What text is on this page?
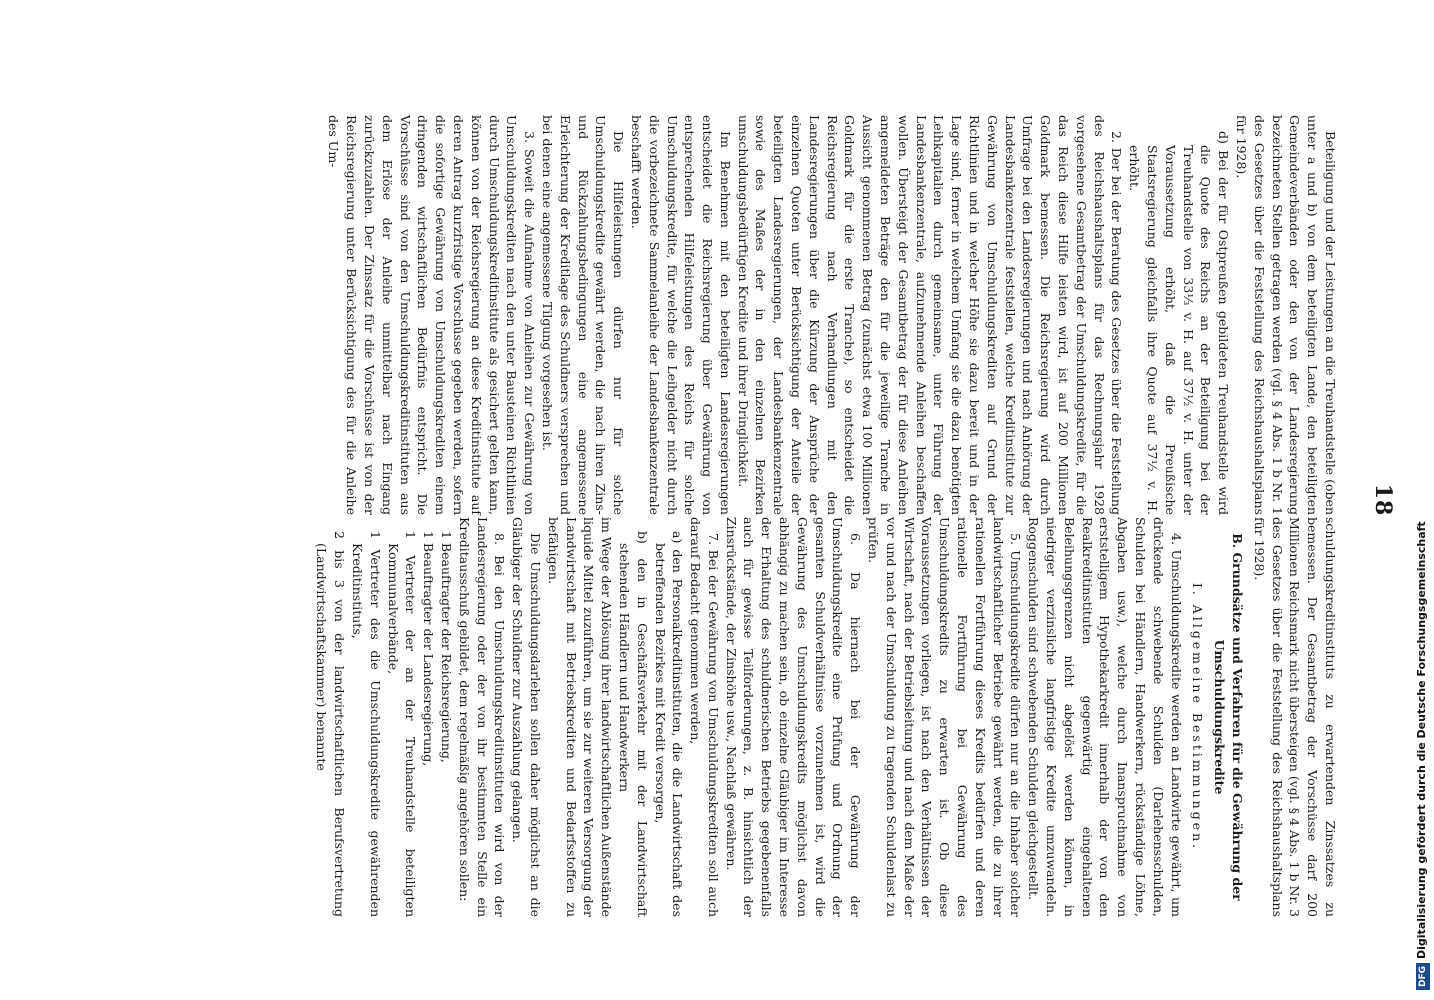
18

Beteiligung und der Leistungen an die Treuhandstelle (oben unter a und b) von dem beteiligten Lande, den beteiligten Gemeindeverbänden oder den von der Landesregierung bezeichneten Stellen getragen werden (vgl. § 4 Abs. 1 b Nr. 1 des Gesetzes über die Feststellung des Reichshaushaltsplans für 1928).

d) Bei der für Ostpreußen gebildeten Treuhandstelle wird die Quote des Reichs an der Beteiligung bei der Treuhandstelle von 33⅓ v. H. auf 37½ v. H. unter der Voraussetzung erhöht, daß die Preußische Staatsregierung gleichfalls ihre Quote auf 37½ v. H. erhöht.

2. Der bei der Beratung des Gesetzes über die Feststellung des Reichshaushaltsplans für das Rechnungsjahr 1928 vorgesehene Gesamtbetrag der Umschuldungskredite, für die das Reich diese Hilfe leisten wird, ist auf 200 Millionen Goldmark bemessen. Die Reichsregierung wird durch Umfrage bei den Landesregierungen und nach Anhörung der Landesbankenzentrale feststellen, welche Kreditinstitute zur Gewährung von Umschuldungskrediten auf Grund der Richtlinien und in welcher Höhe sie dazu bereit und in der Lage sind, ferner in welchem Umfang sie die dazu benötigten Leihkapitalien durch gemeinsame, unter Führung der Landesbankenzentrale, aufzunehmende Anleihen beschaffen wollen. Übersteigt der Gesamtbetrag der für diese Anleihen angemeldeten Beträge den für die jeweilige Tranche in Aussicht genommenen Betrag (zunächst etwa 100 Millionen Goldmark für die erste Tranche), so entscheidet die Reichsregierung nach Verhandlungen mit den Landesregierungen über die Kürzung der Ansprüche der einzelnen Quoten unter Berücksichtigung der Anteile der beteiligten Landesregierungen, der Landesbankenzentrale sowie des Maßes der in den einzelnen Bezirken umschuldungsbedürftigen Kredite und ihrer Dringlichkeit.

Im Benehmen mit den beteiligten Landesregierungen entscheidet die Reichsregierung über Gewährung von entsprechenden Hilfeleistungen des Reichs für solche Umschuldungskredite, für welche die Leihgelder nicht durch die vorbezeichnete Sammelanleihe der Landesbankenzentrale beschafft werden.

Die Hilfeleistungen dürfen nur für solche Umschuldungskredite gewährt werden, die nach ihren Zins- und Rückzahlungsbedingungen eine angemessene Erleichterung der Kreditlage des Schuldners versprechen und bei denen eine angemessene Tilgung vorgesehen ist.

3. Soweit die Aufnahme von Anleihen zur Gewährung von Umschuldungskrediten nach den unter Bausteinen Richtlinien durch Umschuldungskreditinstitute als gesichert gelten kann, können von der Reichsregierung an diese Kreditinstitute auf deren Antrag kurzfristige Vorschüsse gegeben werden, sofern die sofortige Gewährung von Umschuldungskrediten einem dringenden wirtschaftlichen Bedürfnis entspricht. Die Vorschüsse sind von den Umschuldungskreditinstituten aus dem Erlöse der Anleihe unmittelbar nach Eingang zurückzuzahlen. Der Zinssatz für die Vorschüsse ist von der Reichsregierung unter Berücksichtigung des für die Anleihe des Um-

schuldungskreditinstituts zu erwartenden Zinssatzes zu bemessen. Der Gesamtbetrag der Vorschüsse darf 200 Millionen Reichsmark nicht übersteigen (vgl. § 4 Abs. 1 b Nr. 3 des Gesetzes über die Feststellung des Reichshaushaltsplans für 1928).

B. Grundsätze und Verfahren für die Gewährung der Umschuldungskredite

I. Allgemeine Bestimmungen.

4. Umschuldungskredite werden an Landwirte gewährt, um drückende schwebende Schulden (Darlehensschulden, Schulden bei Händlern, Handwerkern, rückständige Löhne, Abgaben usw.), welche durch Inanspruchnahme von erststelligem Hypothekarkredit innerhalb der von den Realkreditinstituten gegenwärtig eingehaltenen Beleihungsgrenzen nicht abgelöst werden können, in niedriger verzinsliche langfristige Kredite umzuwandeln. Roggenschulden sind schwebenden Schulden gleichgestellt.

5. Umschuldungskredite dürfen nur an die Inhaber solcher landwirtschaftlicher Betriebe gewährt werden, die zu ihrer rationellen Fortführung dieses Kredits bedürfen und deren rationelle Fortführung bei Gewährung des Umschuldungskredits zu erwarten ist. Ob diese Voraussetzungen vorliegen, ist nach den Verhältnissen der Wirtschaft, nach der Betriebsleitung und nach dem Maße der vor und nach der Umschuldung zu tragenden Schuldenlast zu prüfen.

6. Da hiernach bei der Gewährung der Umschuldungskredite eine Prüfung und Ordnung der gesamten Schuldverhältnisse vorzunehmen ist, wird die Gewährung des Umschuldungskredits möglichst davon abhängig zu machen sein, ob einzelne Gläubiger im Interesse der Erhaltung des schuldnerischen Betriebs gegebenenfalls auch für gewisse Teilforderungen, z. B. hinsichtlich der Zinsrückstände, der Zinshöhe usw., Nachlaß gewähren.

7. Bei der Gewährung von Umschuldungskrediten soll auch darauf Bedacht genommen werden,

a) den Personalkreditinstituten, die die Landwirtschaft des betreffenden Bezirkes mit Kredit versorgen,

b) den in Geschäftsverkehr mit der Landwirtschaft stehenden Händlern und Handwerkern

im Wege der Ablösung ihrer landwirtschaftlichen Außenstände liquide Mittel zuzuführen, um sie zur weiteren Versorgung der Landwirtschaft mit Betriebskrediten und Bedarfsstoffen zu befähigen.

Die Umschuldungsdarlehen sollen daher möglichst an die Gläubiger der Schuldner zur Auszahlung gelangen.

8. Bei den Umschuldungskreditinstituten wird von der Landesregierung oder der von ihr bestimmten Stelle ein Kreditausschuß gebildet, dem regelmäßig angehören sollen:

1 Beauftragter der Reichsregierung,

1 Beauftragter der Landesregierung,

1 Vertreter der an der Treuhandstelle beteiligten Kommunalverbände,

1 Vertreter des die Umschuldungskredite gewährenden Kreditinstituts,

2 bis 3 von der landwirtschaftlichen Berufsvertretung (Landwirtschaftskammer) benannte

DFGDigitalisierung gefördert durch die Deutsche Forschungsgemeinschaft
